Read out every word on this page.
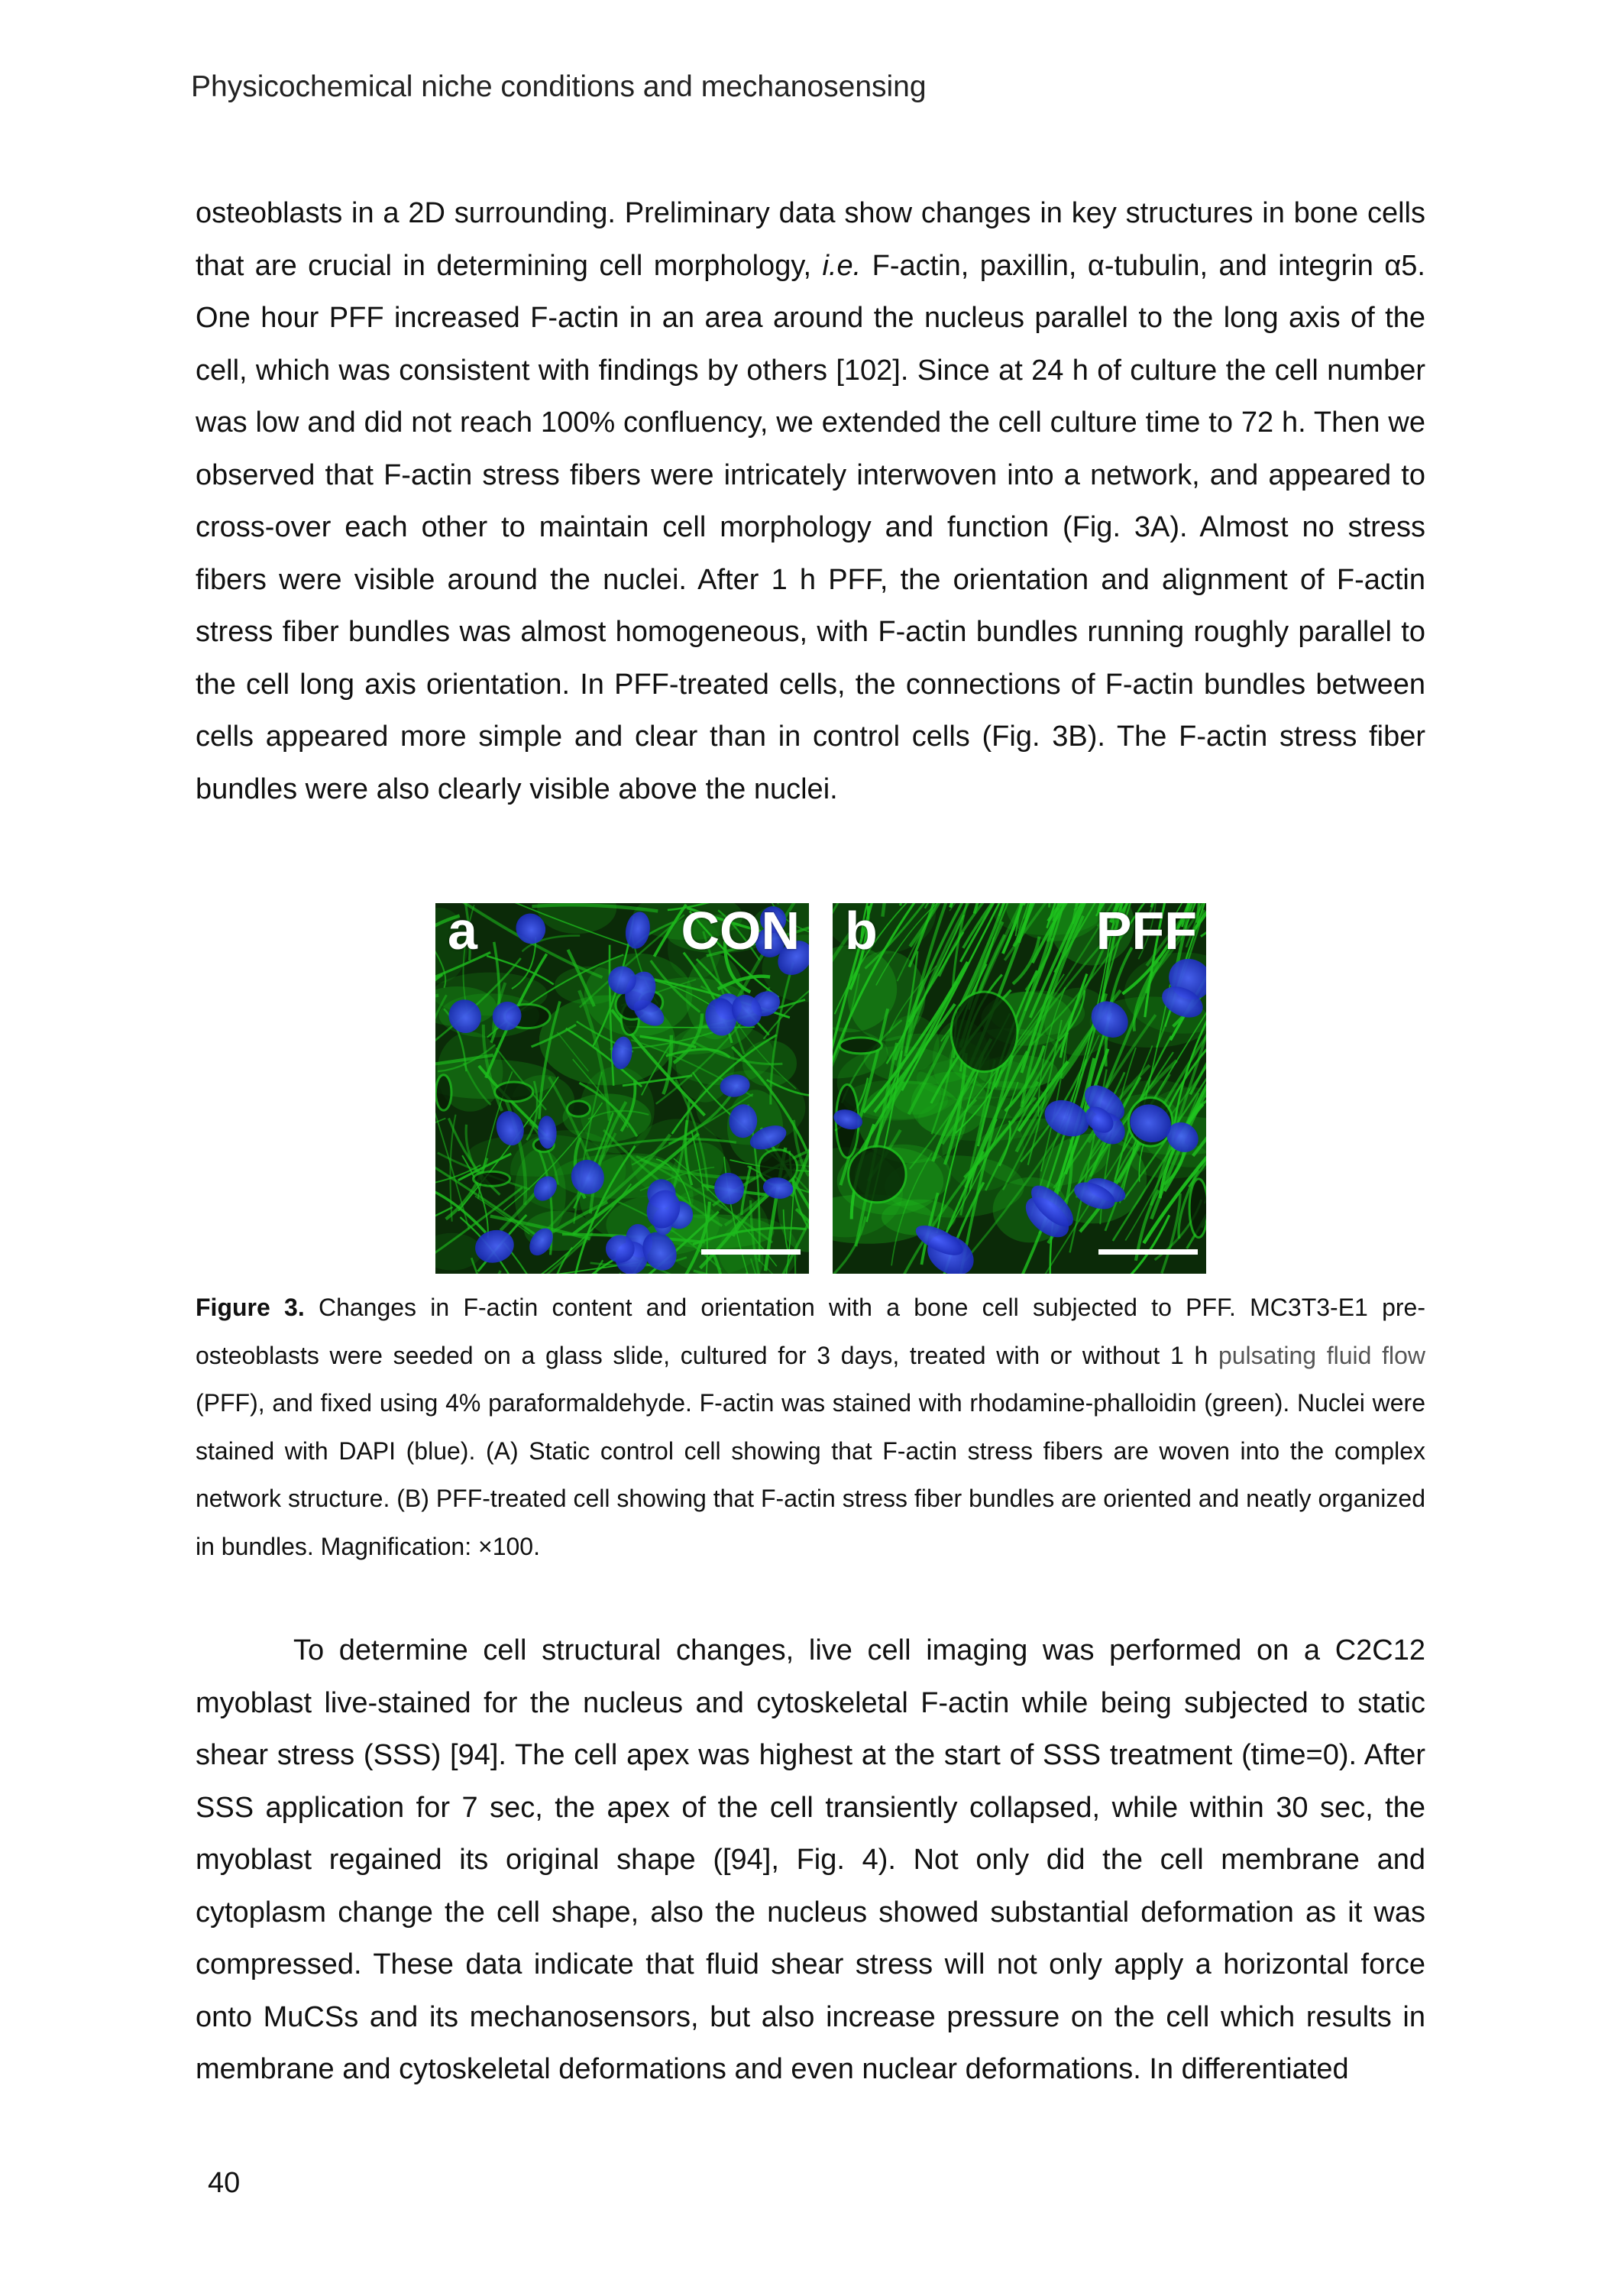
Physicochemical niche conditions and mechanosensing

osteoblasts in a 2D surrounding. Preliminary data show changes in key structures in bone cells that are crucial in determining cell morphology, i.e. F-actin, paxillin, α-tubulin, and integrin α5. One hour PFF increased F-actin in an area around the nucleus parallel to the long axis of the cell, which was consistent with findings by others [102]. Since at 24 h of culture the cell number was low and did not reach 100% confluency, we extended the cell culture time to 72 h. Then we observed that F-actin stress fibers were intricately interwoven into a network, and appeared to cross-over each other to maintain cell morphology and function (Fig. 3A). Almost no stress fibers were visible around the nuclei. After 1 h PFF, the orientation and alignment of F-actin stress fiber bundles was almost homogeneous, with F-actin bundles running roughly parallel to the cell long axis orientation. In PFF-treated cells, the connections of F-actin bundles between cells appeared more simple and clear than in control cells (Fig. 3B). The F-actin stress fiber bundles were also clearly visible above the nuclei.

a	CON b	PFF

Figure 3. Changes in F-actin content and orientation with a bone cell subjected to PFF. MC3T3-E1 pre-osteoblasts were seeded on a glass slide, cultured for 3 days, treated with or without 1 h pulsating fluid flow (PFF), and fixed using 4% paraformaldehyde. F-actin was stained with rhodamine-phalloidin (green). Nuclei were stained with DAPI (blue). (A) Static control cell showing that F-actin stress fibers are woven into the complex network structure. (B) PFF-treated cell showing that F-actin stress fiber bundles are oriented and neatly organized in bundles. Magnification: ×100.

To determine cell structural changes, live cell imaging was performed on a C2C12 myoblast live-stained for the nucleus and cytoskeletal F-actin while being subjected to static shear stress (SSS) [94]. The cell apex was highest at the start of SSS treatment (time=0). After SSS application for 7 sec, the apex of the cell transiently collapsed, while within 30 sec, the myoblast regained its original shape ([94], Fig. 4). Not only did the cell membrane and cytoplasm change the cell shape, also the nucleus showed substantial deformation as it was compressed. These data indicate that fluid shear stress will not only apply a horizontal force onto MuCSs and its mechanosensors, but also increase pressure on the cell which results in membrane and cytoskeletal deformations and even nuclear deformations. In differentiated

40
